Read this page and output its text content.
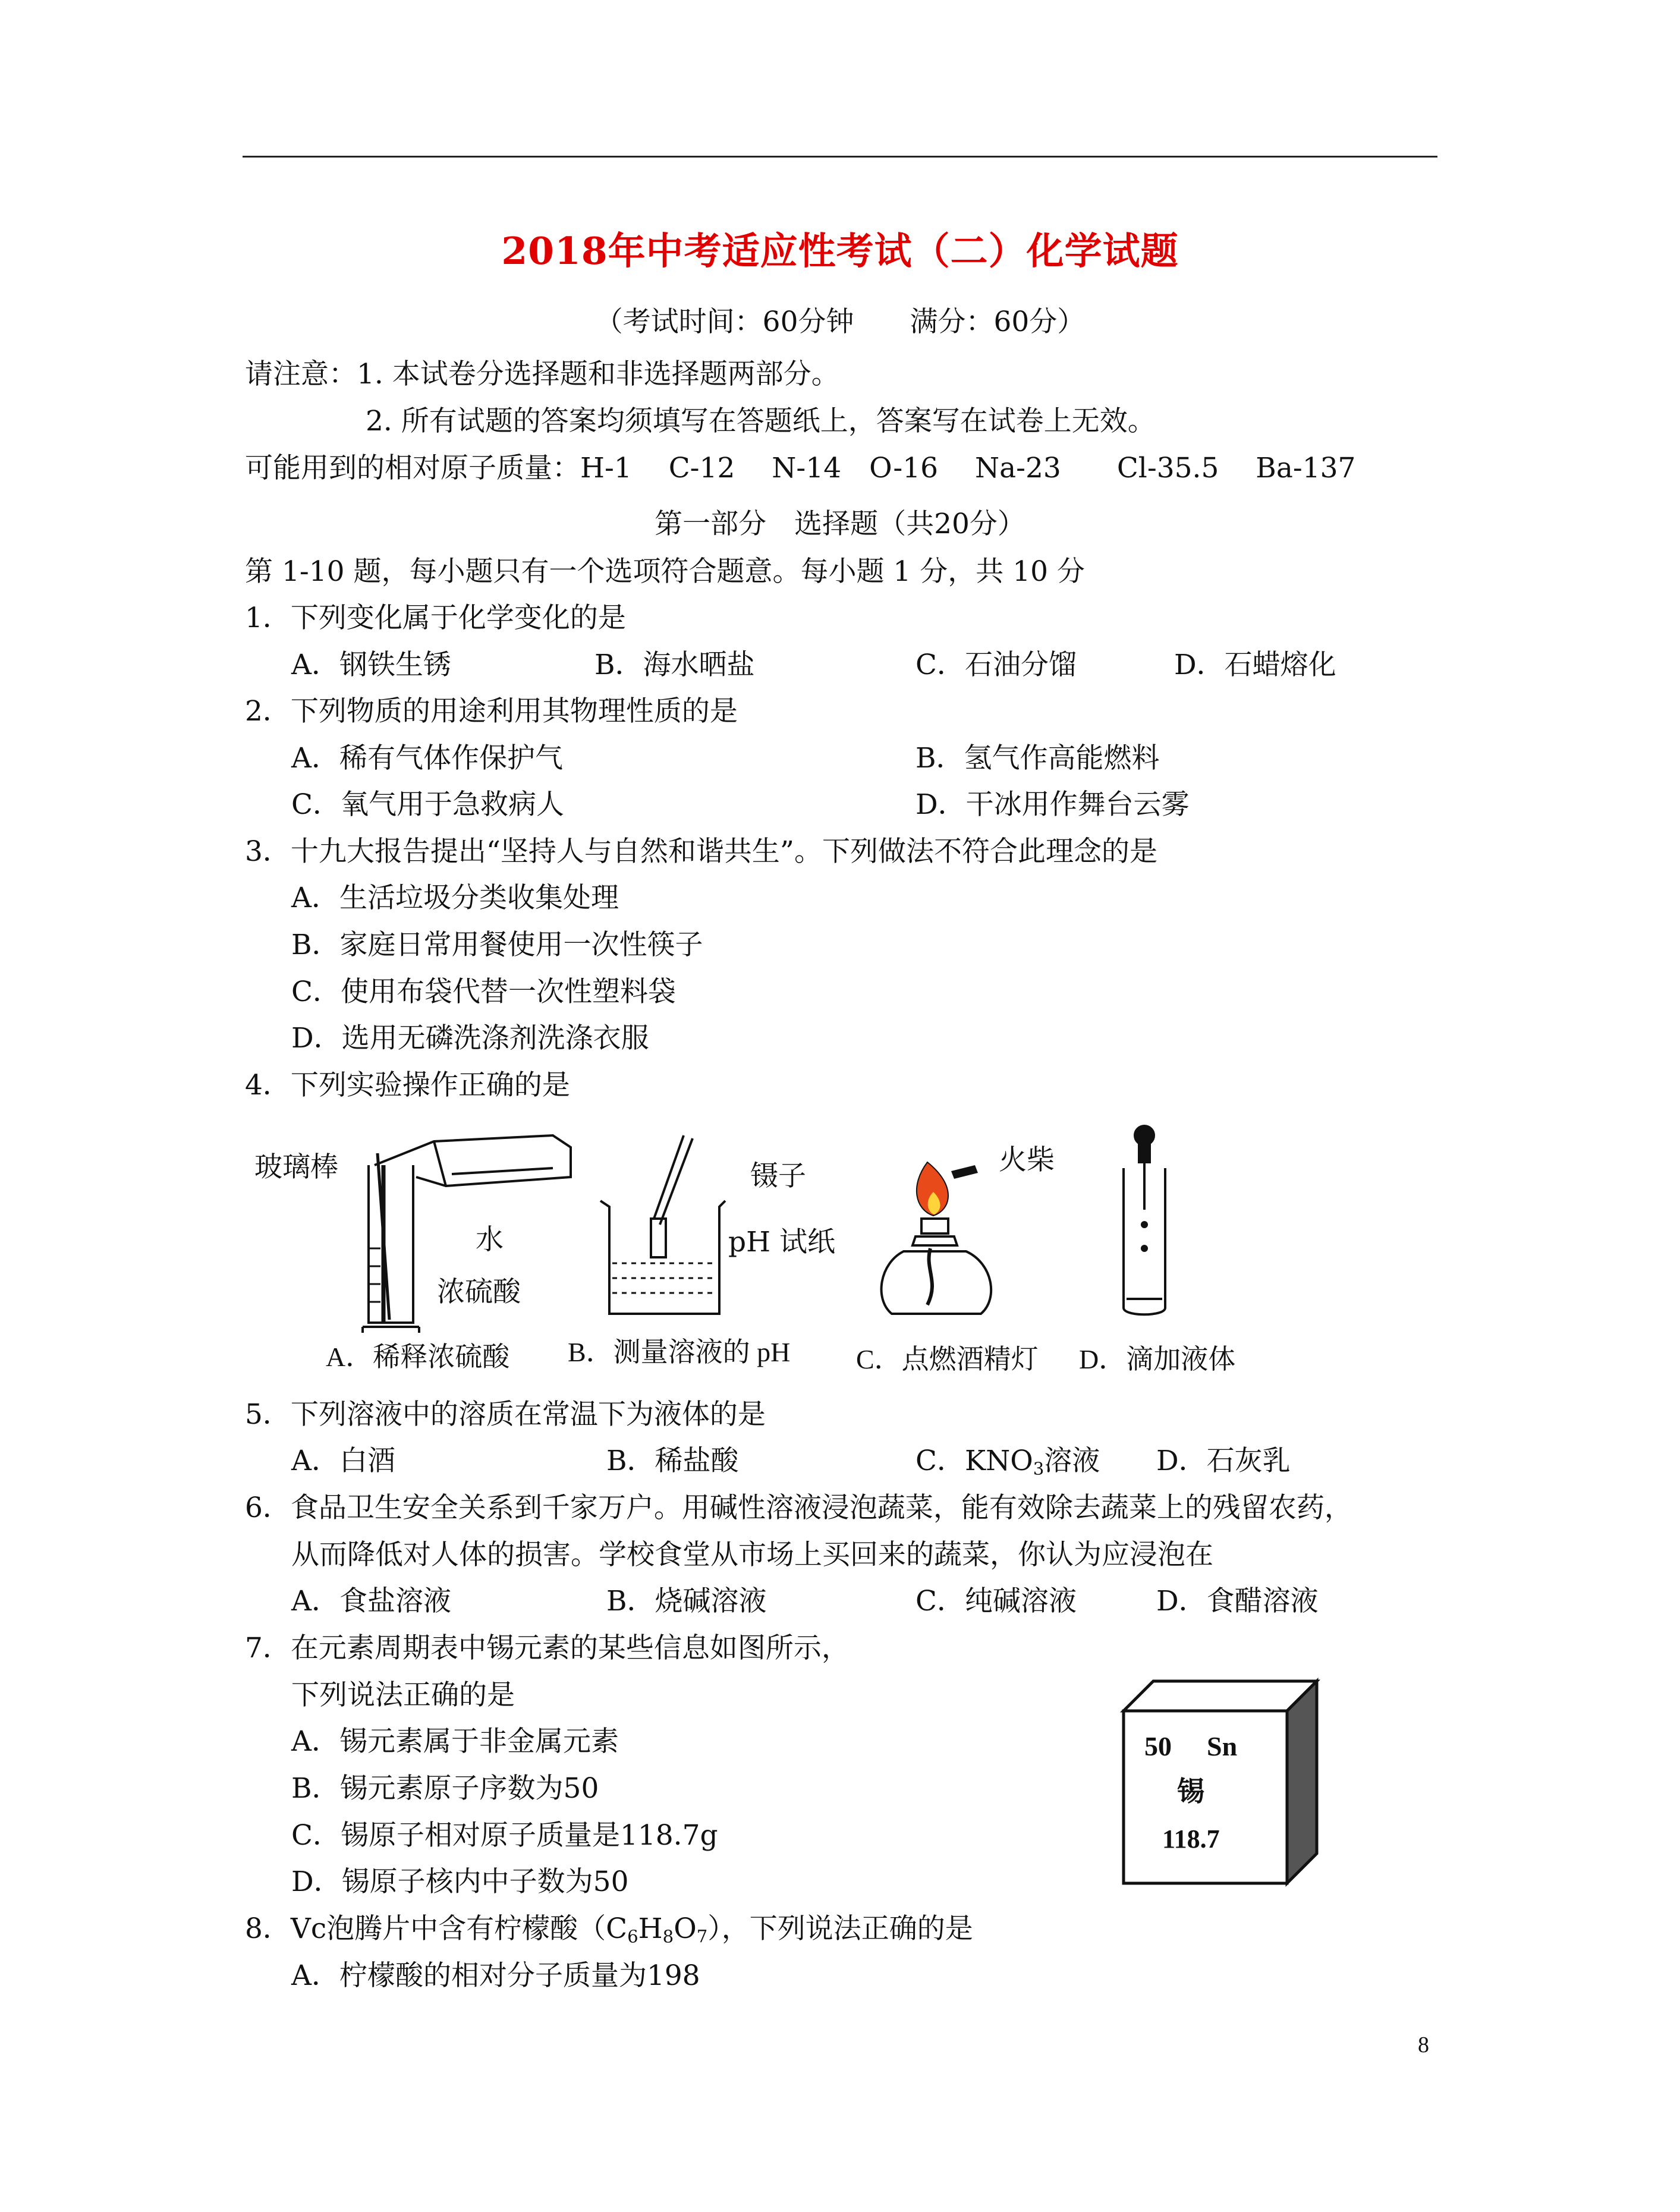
2018年中考适应性考试（二）化学试题
（考试时间：60分钟　　满分：60分）
请注意：1. 本试卷分选择题和非选择题两部分。
2. 所有试题的答案均须填写在答题纸上，答案写在试卷上无效。
可能用到的相对原子质量：H-1　 C-12　 N-14　O-16　 Na-23　　Cl-35.5　 Ba-137
第一部分　选择题（共20分）
第 1-10 题，每小题只有一个选项符合题意。每小题 1 分，共 10 分
1．下列变化属于化学变化的是
A．钢铁生锈	B．海水晒盐	C．石油分馏	D．石蜡熔化
2．下列物质的用途利用其物理性质的是
A．稀有气体作保护气	B．氢气作高能燃料
C．氧气用于急救病人	D．干冰用作舞台云雾
3．十九大报告提出“坚持人与自然和谐共生”。下列做法不符合此理念的是
A．生活垃圾分类收集处理
B．家庭日常用餐使用一次性筷子
C．使用布袋代替一次性塑料袋
D．选用无磷洗涤剂洗涤衣服
4．下列实验操作正确的是
玻璃棒
水
浓硫酸
镊子
pH 试纸
火柴
A．稀释浓硫酸 B．测量溶液的 pH C．点燃酒精灯 D．滴加液体
5．下列溶液中的溶质在常温下为液体的是
A．白酒	B．稀盐酸	C．$KNO_3$溶液 D．石灰乳
6．食品卫生安全关系到千家万户。用碱性溶液浸泡蔬菜，能有效除去蔬菜上的残留农药，
从而降低对人体的损害。学校食堂从市场上买回来的蔬菜，你认为应浸泡在
A．食盐溶液	B．烧碱溶液	C．纯碱溶液	D．食醋溶液
7．在元素周期表中锡元素的某些信息如图所示，
下列说法正确的是
A．锡元素属于非金属元素
B．锡元素原子序数为50
C．锡原子相对原子质量是118.7g
D．锡原子核内中子数为50
50 Sn
锡
118.7
8．Vc泡腾片中含有柠檬酸$(C_6H_8O_7)$，下列说法正确的是
A．柠檬酸的相对分子质量为198
8
